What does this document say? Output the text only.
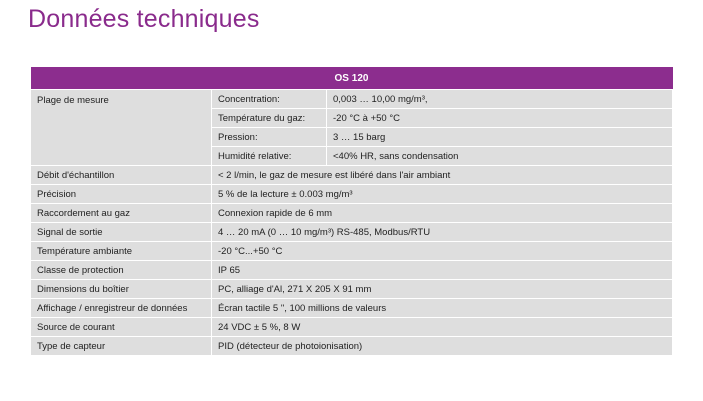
Données techniques
OS 120		
Plage de mesure	Concentration:	0,003 … 10,00 mg/m³,
	Température du gaz:	-20 °C à +50 °C
	Pression:	3 … 15 barg
	Humidité relative:	<40% HR, sans condensation
Débit d'échantillon	< 2 l/min, le gaz de mesure est libéré dans l'air ambiant	
Précision	5 % de la lecture ± 0.003 mg/m³	
Raccordement au gaz	Connexion rapide de 6 mm	
Signal de sortie	4 … 20 mA (0 … 10 mg/m³) RS-485, Modbus/RTU	
Température ambiante	-20 °C...+50 °C	
Classe de protection	IP 65	
Dimensions du boîtier	PC, alliage d'Al, 271 X 205 X 91 mm	
Affichage / enregistreur de données	Écran tactile 5 ", 100 millions de valeurs	
Source de courant	24 VDC ± 5 %, 8 W	
Type de capteur	PID (détecteur de photoionisation)	
